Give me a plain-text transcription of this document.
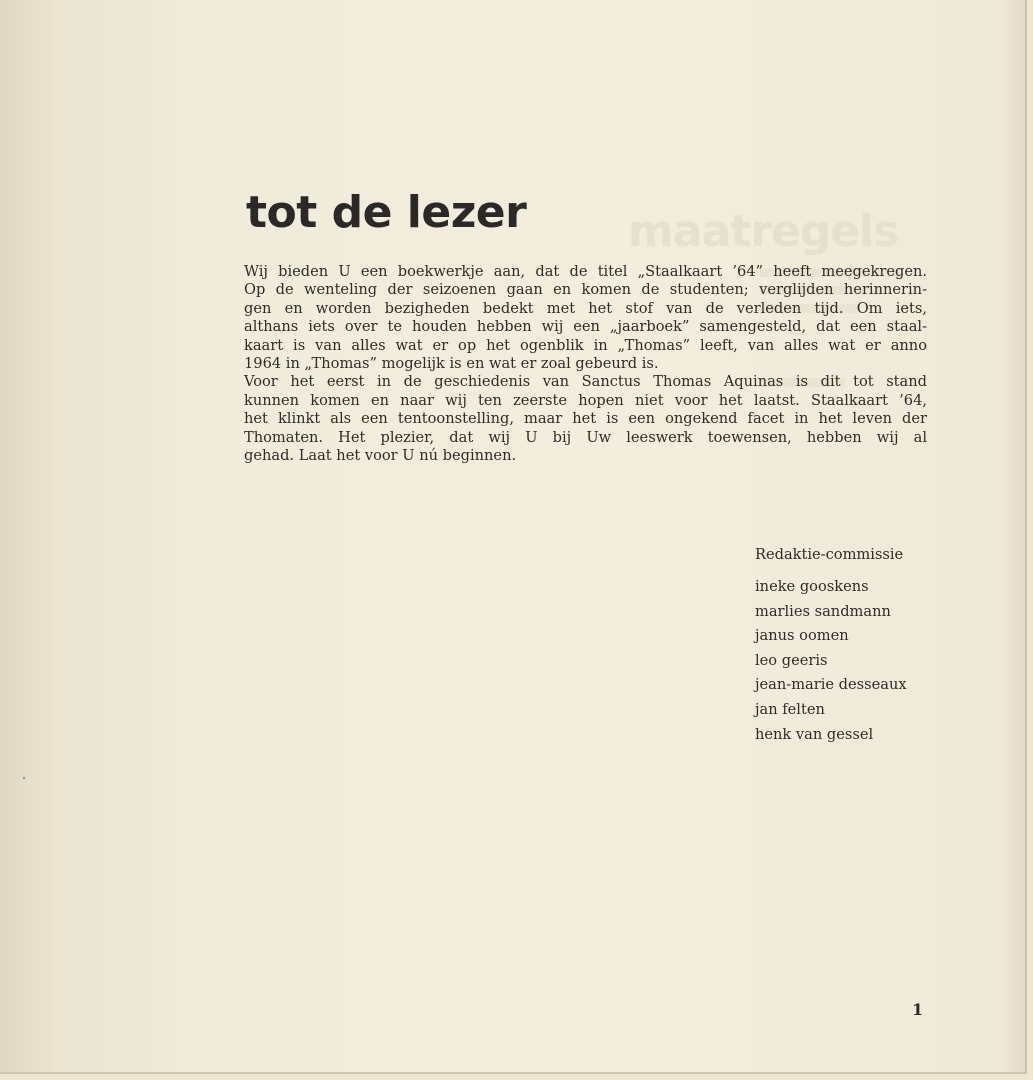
maatregels
tot de lezer
Wij bieden U een boekwerkje aan, dat de titel „Staalkaart ’64” heeft meegekregen.
Op de wenteling der seizoenen gaan en komen de studenten; verglijden herinnerin-
gen en worden bezigheden bedekt met het stof van de verleden tijd. Om iets,
althans iets over te houden hebben wij een „jaarboek” samengesteld, dat een staal-
kaart is van alles wat er op het ogenblik in „Thomas” leeft, van alles wat er anno
1964 in „Thomas” mogelijk is en wat er zoal gebeurd is.
Voor het eerst in de geschiedenis van Sanctus Thomas Aquinas is dit tot stand
kunnen komen en naar wij ten zeerste hopen niet voor het laatst. Staalkaart ’64,
het klinkt als een tentoonstelling, maar het is een ongekend facet in het leven der
Thomaten. Het plezier, dat wij U bij Uw leeswerk toewensen, hebben wij al
gehad. Laat het voor U nú beginnen.
Redaktie-commissie
ineke gooskens
marlies sandmann
janus oomen
leo geeris
jean-marie desseaux
jan felten
henk van gessel
1
